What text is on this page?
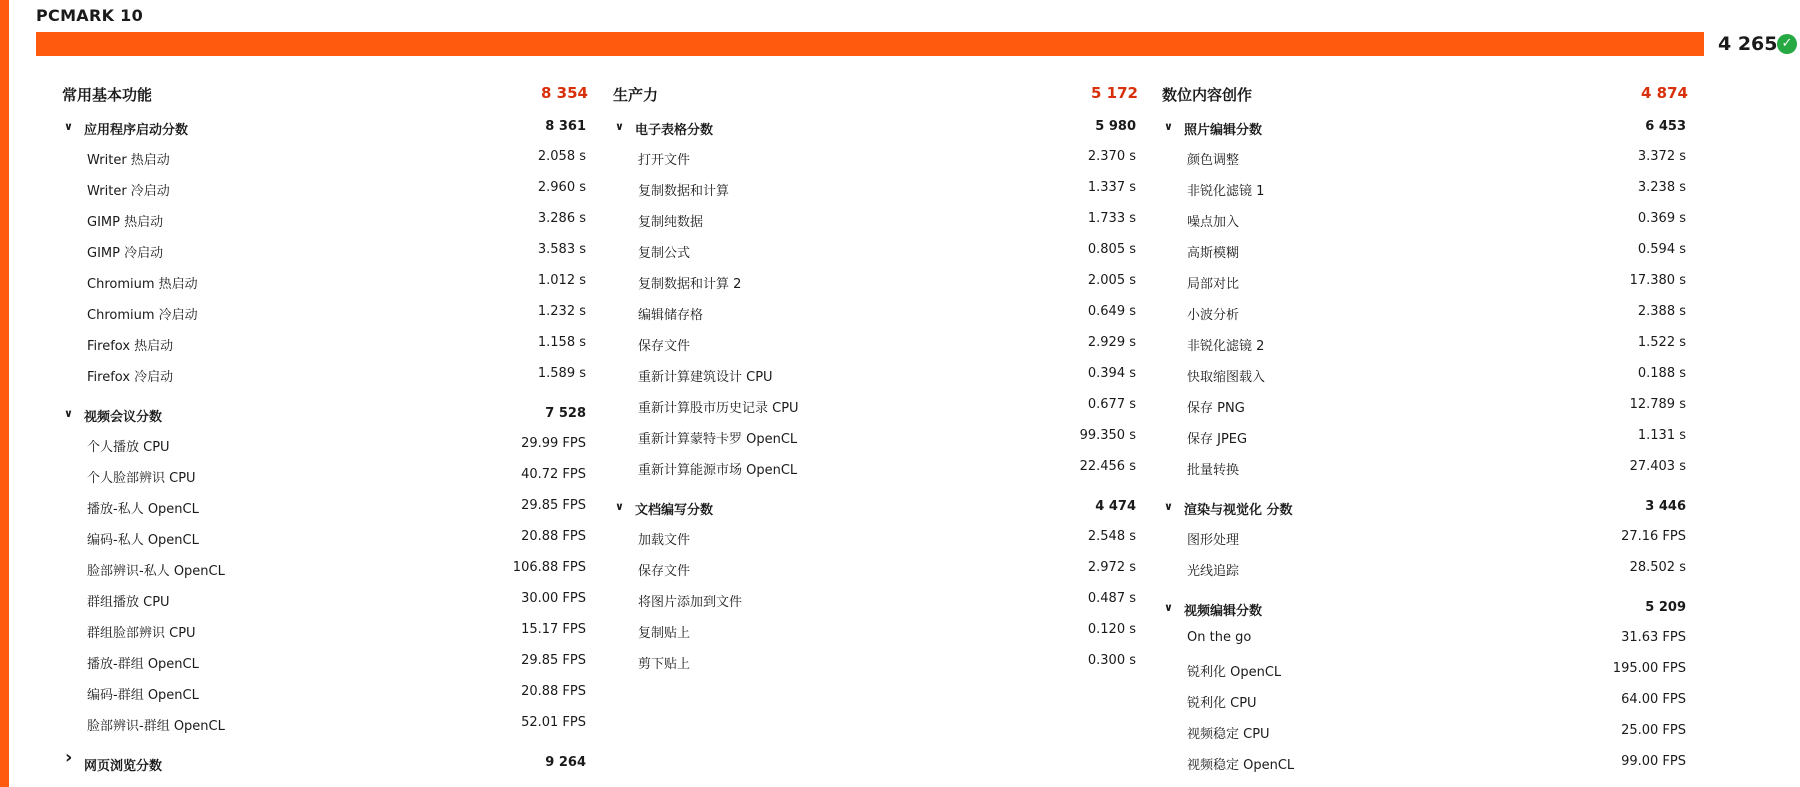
PCMARK 10
4 265 ✓
常用基本功能	8 354
∨ 应用程序启动分数	8 361
Writer 热启动	2.058 s
Writer 冷启动	2.960 s
GIMP 热启动	3.286 s
GIMP 冷启动	3.583 s
Chromium 热启动	1.012 s
Chromium 冷启动	1.232 s
Firefox 热启动	1.158 s
Firefox 冷启动	1.589 s
∨ 视频会议分数	7 528
个人播放 CPU	29.99 FPS
个人脸部辨识 CPU	40.72 FPS
播放-私人 OpenCL	29.85 FPS
编码-私人 OpenCL	20.88 FPS
脸部辨识-私人 OpenCL	106.88 FPS
群组播放 CPU	30.00 FPS
群组脸部辨识 CPU	15.17 FPS
播放-群组 OpenCL	29.85 FPS
编码-群组 OpenCL	20.88 FPS
脸部辨识-群组 OpenCL	52.01 FPS
› 网页浏览分数	9 264
生产力	5 172
∨ 电子表格分数	5 980
打开文件	2.370 s
复制数据和计算	1.337 s
复制纯数据	1.733 s
复制公式	0.805 s
复制数据和计算 2	2.005 s
编辑储存格	0.649 s
保存文件	2.929 s
重新计算建筑设计 CPU	0.394 s
重新计算股市历史记录 CPU	0.677 s
重新计算蒙特卡罗 OpenCL	99.350 s
重新计算能源市场 OpenCL	22.456 s
∨ 文档编写分数	4 474
加载文件	2.548 s
保存文件	2.972 s
将图片添加到文件	0.487 s
复制贴上	0.120 s
剪下贴上	0.300 s
数位内容创作	4 874
∨ 照片编辑分数	6 453
颜色调整	3.372 s
非锐化滤镜 1	3.238 s
噪点加入	0.369 s
高斯模糊	0.594 s
局部对比	17.380 s
小波分析	2.388 s
非锐化滤镜 2	1.522 s
快取缩图载入	0.188 s
保存 PNG	12.789 s
保存 JPEG	1.131 s
批量转换	27.403 s
∨ 渲染与视觉化 分数	3 446
图形处理	27.16 FPS
光线追踪	28.502 s
∨ 视频编辑分数	5 209
On the go	31.63 FPS
锐利化 OpenCL	195.00 FPS
锐利化 CPU	64.00 FPS
视频稳定 CPU	25.00 FPS
视频稳定 OpenCL	99.00 FPS
